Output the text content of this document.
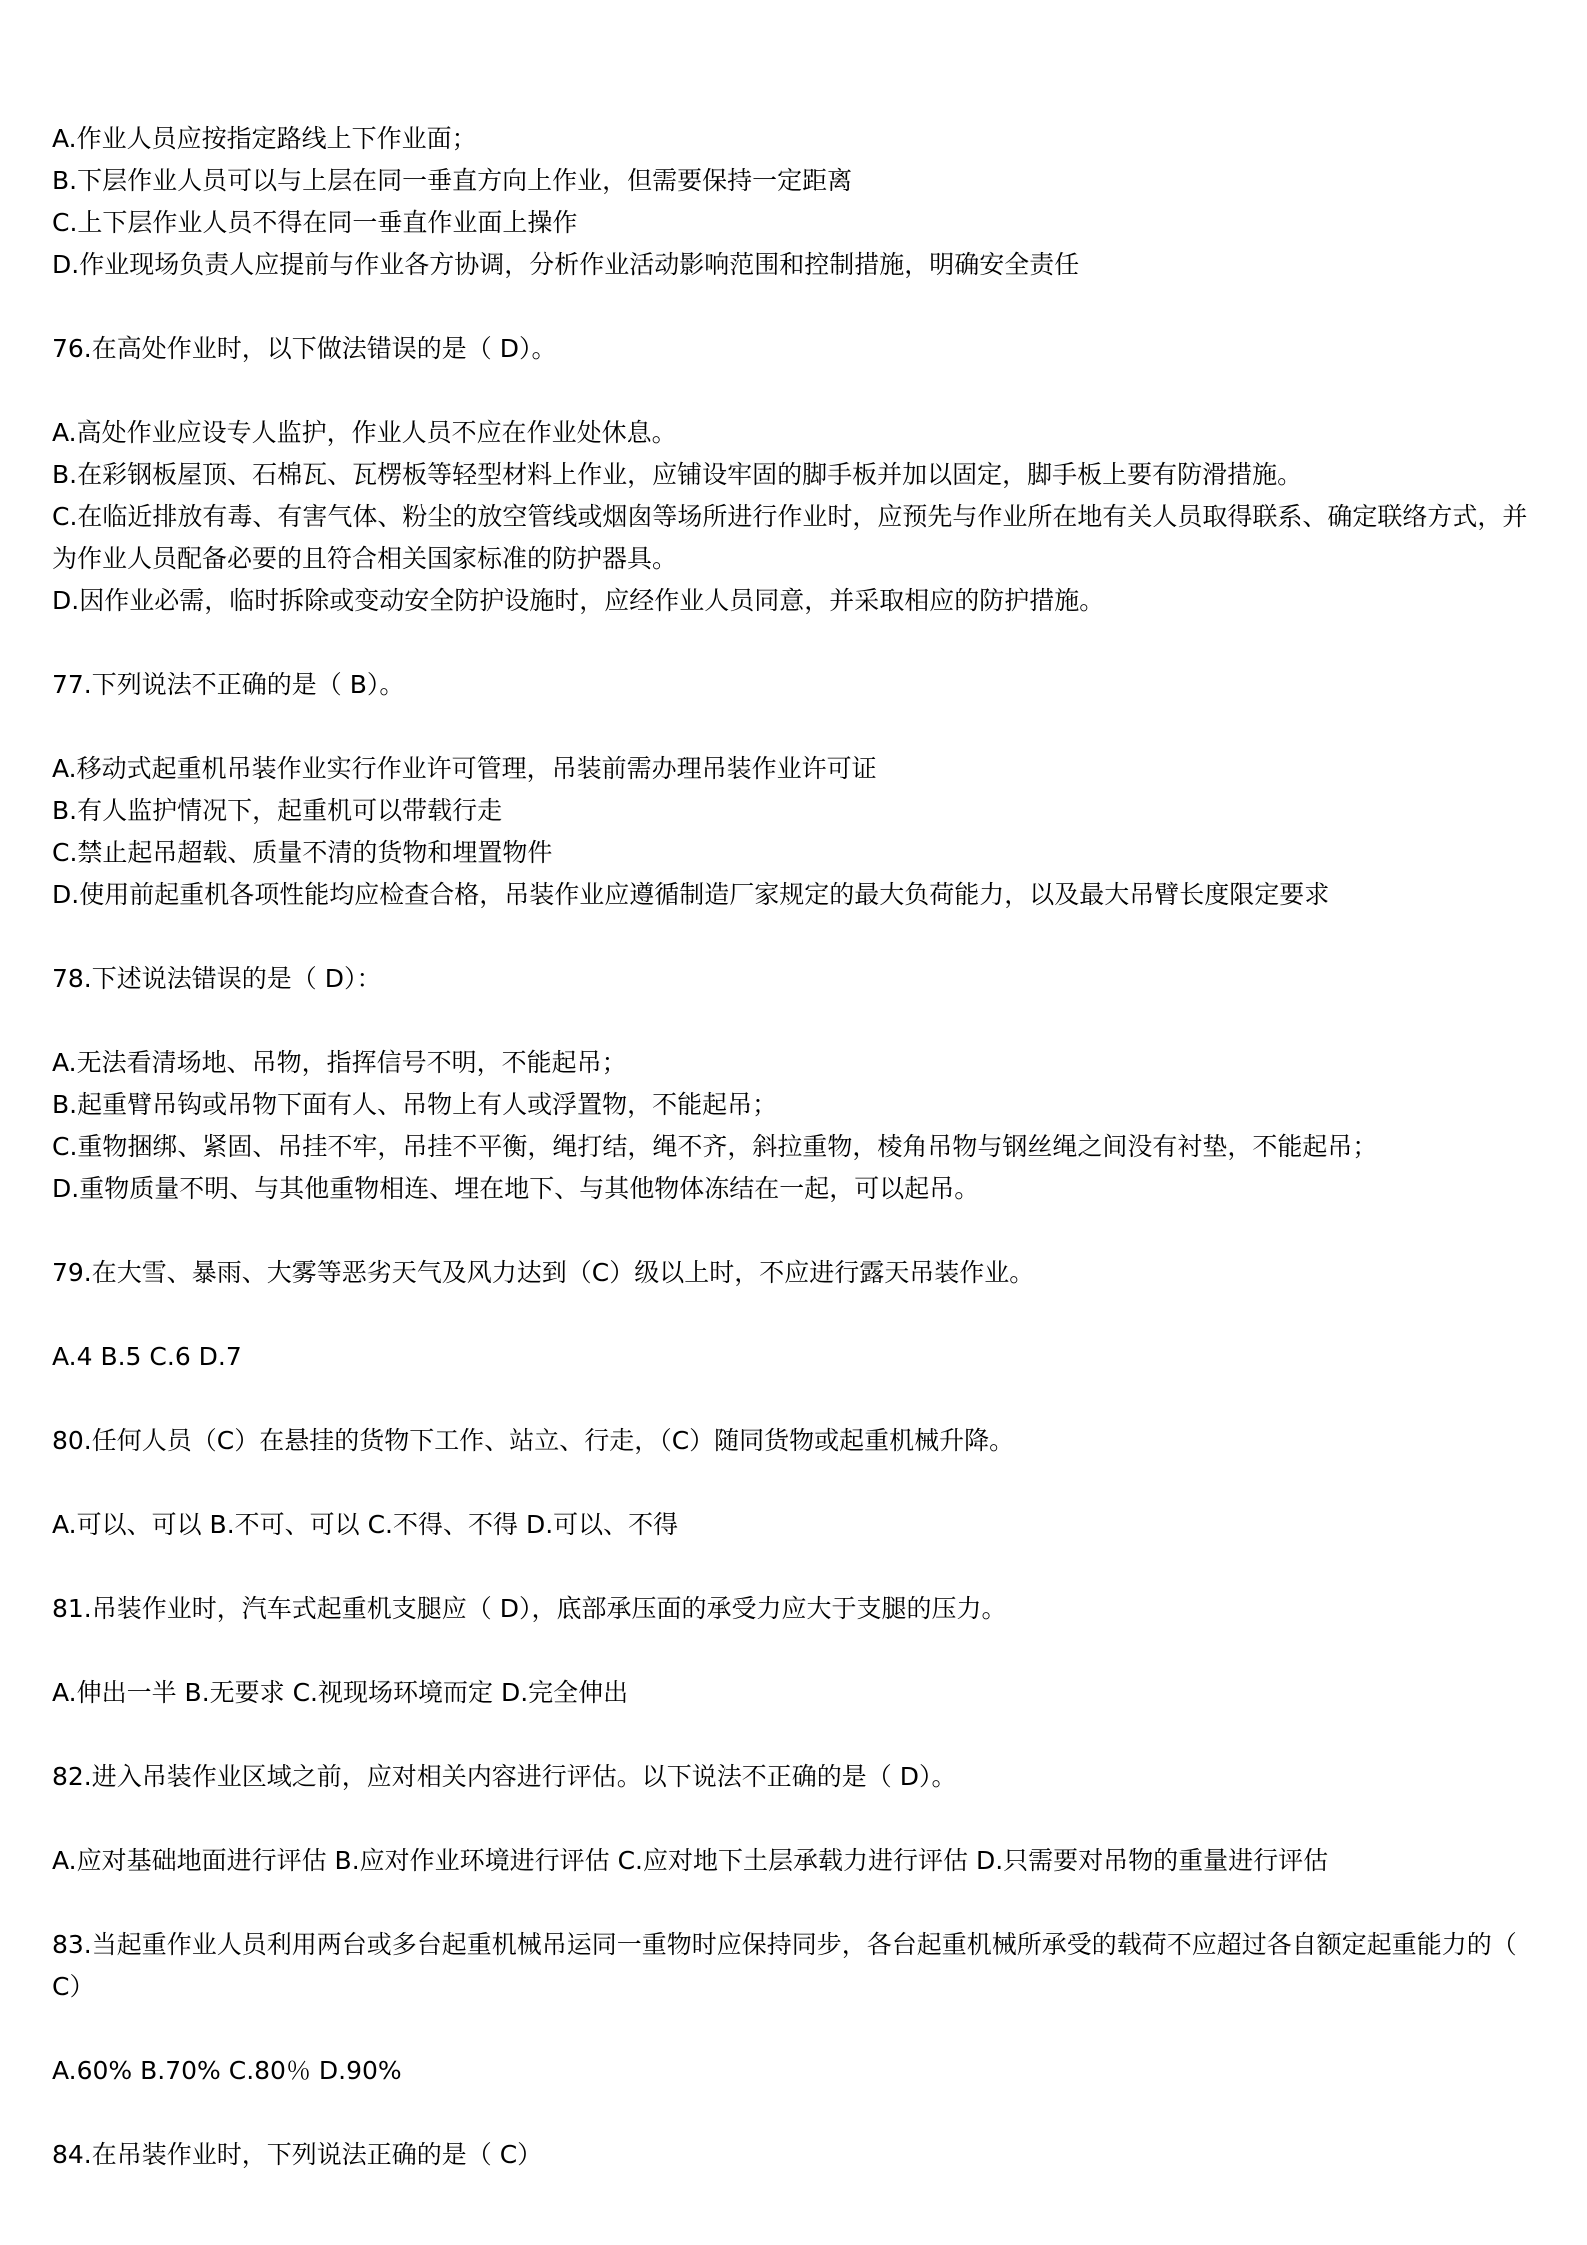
A.作业人员应按指定路线上下作业面；
B.下层作业人员可以与上层在同一垂直方向上作业，但需要保持一定距离
C.上下层作业人员不得在同一垂直作业面上操作
D.作业现场负责人应提前与作业各方协调，分析作业活动影响范围和控制措施，明确安全责任
76.在高处作业时，以下做法错误的是（ D）。
A.高处作业应设专人监护，作业人员不应在作业处休息。
B.在彩钢板屋顶、石棉瓦、瓦楞板等轻型材料上作业，应铺设牢固的脚手板并加以固定，脚手板上要有防滑措施。
C.在临近排放有毒、有害气体、粉尘的放空管线或烟囱等场所进行作业时，应预先与作业所在地有关人员取得联系、确定联络方式，并为作业人员配备必要的且符合相关国家标准的防护器具。
D.因作业必需，临时拆除或变动安全防护设施时，应经作业人员同意，并采取相应的防护措施。
77.下列说法不正确的是（ B）。
A.移动式起重机吊装作业实行作业许可管理，吊装前需办理吊装作业许可证
B.有人监护情况下，起重机可以带载行走
C.禁止起吊超载、质量不清的货物和埋置物件
D.使用前起重机各项性能均应检查合格，吊装作业应遵循制造厂家规定的最大负荷能力，以及最大吊臂长度限定要求
78.下述说法错误的是（ D）：
A.无法看清场地、吊物，指挥信号不明，不能起吊；
B.起重臂吊钩或吊物下面有人、吊物上有人或浮置物，不能起吊；
C.重物捆绑、紧固、吊挂不牢，吊挂不平衡，绳打结，绳不齐，斜拉重物，棱角吊物与钢丝绳之间没有衬垫，不能起吊；
D.重物质量不明、与其他重物相连、埋在地下、与其他物体冻结在一起，可以起吊。
79.在大雪、暴雨、大雾等恶劣天气及风力达到（C）级以上时，不应进行露天吊装作业。
A.4 B.5 C.6 D.7
80.任何人员（C）在悬挂的货物下工作、站立、行走，（C）随同货物或起重机械升降。
A.可以、可以 B.不可、可以 C.不得、不得 D.可以、不得
81.吊装作业时，汽车式起重机支腿应（ D），底部承压面的承受力应大于支腿的压力。
A.伸出一半 B.无要求 C.视现场环境而定 D.完全伸出
82.进入吊装作业区域之前，应对相关内容进行评估。以下说法不正确的是（ D）。
A.应对基础地面进行评估 B.应对作业环境进行评估 C.应对地下土层承载力进行评估 D.只需要对吊物的重量进行评估
83.当起重作业人员利用两台或多台起重机械吊运同一重物时应保持同步，各台起重机械所承受的载荷不应超过各自额定起重能力的（ C）
A.60% B.70% C.80％ D.90%
84.在吊装作业时，下列说法正确的是（ C）
